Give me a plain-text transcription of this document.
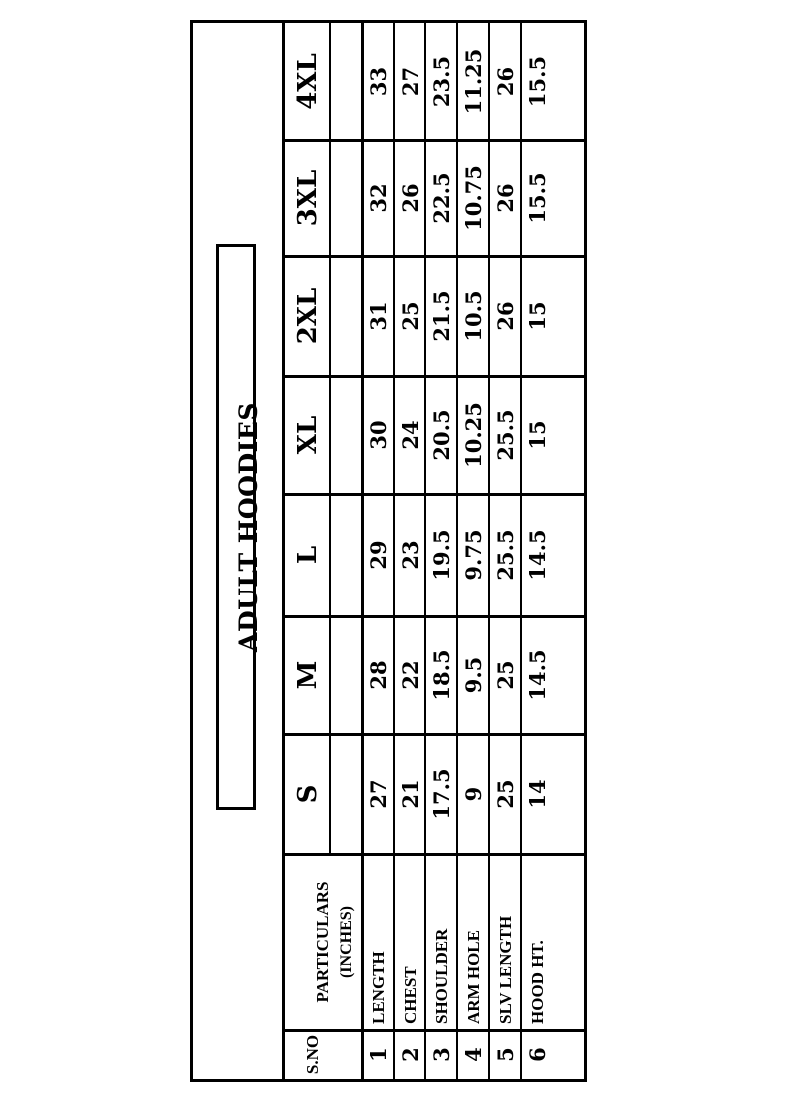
ADULT HOODIES
S.NO
PARTICULARS (INCHES)
S
M
L
XL
2XL
3XL
4XL
1
LENGTH
27
28
29
30
31
32
33
2
CHEST
21
22
23
24
25
26
27
3
SHOULDER
17.5
18.5
19.5
20.5
21.5
22.5
23.5
4
ARM HOLE
9
9.5
9.75
10.25
10.5
10.75
11.25
5
SLV LENGTH
25
25
25.5
25.5
26
26
26
6
HOOD HT.
14
14.5
14.5
15
15
15.5
15.5
